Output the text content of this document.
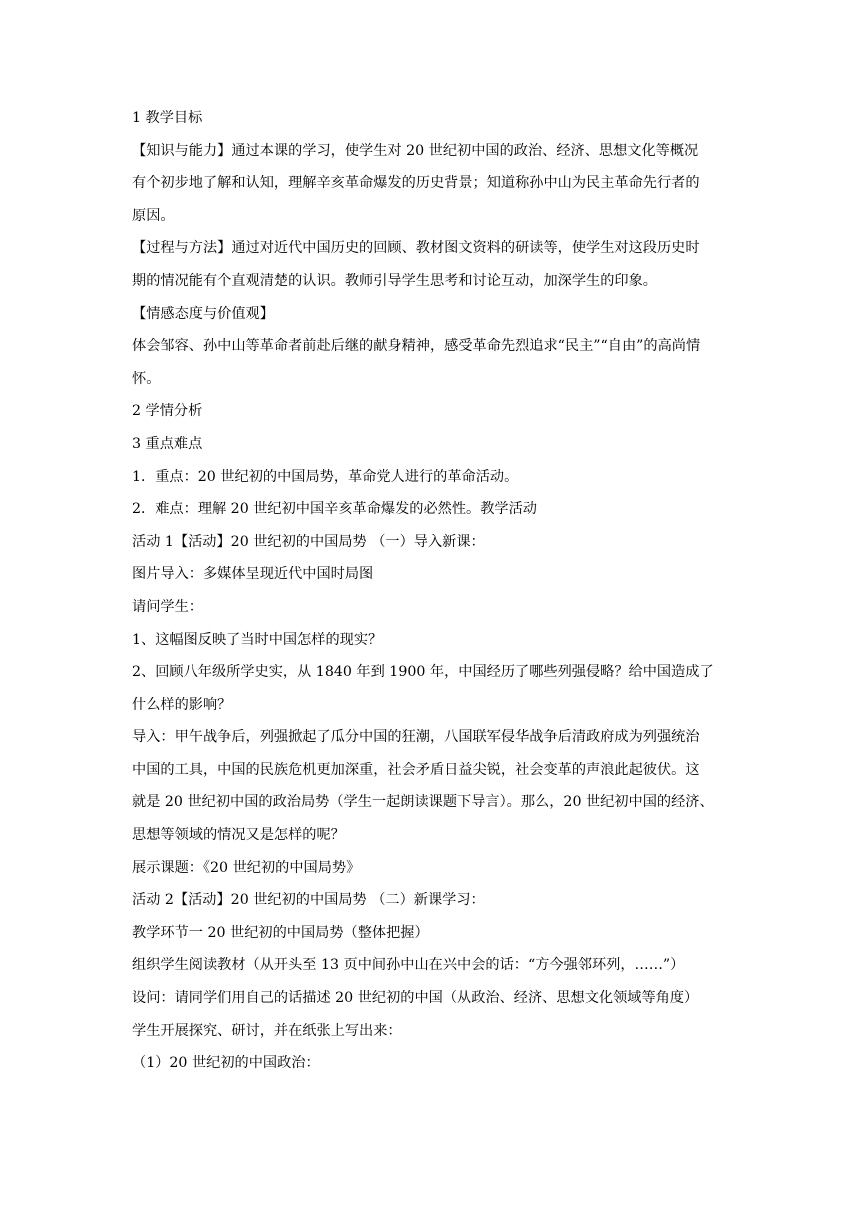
1 教学目标
【知识与能力】通过本课的学习，使学生对 20 世纪初中国的政治、经济、思想文化等概况
有个初步地了解和认知，理解辛亥革命爆发的历史背景；知道称孙中山为民主革命先行者的
原因。
【过程与方法】通过对近代中国历史的回顾、教材图文资料的研读等，使学生对这段历史时
期的情况能有个直观清楚的认识。教师引导学生思考和讨论互动，加深学生的印象。
【情感态度与价值观】
体会邹容、孙中山等革命者前赴后继的献身精神，感受革命先烈追求“民主”“自由”的高尚情
怀。
2 学情分析
3 重点难点
1．重点：20 世纪初的中国局势，革命党人进行的革命活动。
2．难点：理解 20 世纪初中国辛亥革命爆发的必然性。教学活动
活动 1【活动】20 世纪初的中国局势 （一）导入新课：
图片导入：多媒体呈现近代中国时局图
请问学生：
1、这幅图反映了当时中国怎样的现实？
2、回顾八年级所学史实，从 1840 年到 1900 年，中国经历了哪些列强侵略？给中国造成了
什么样的影响？
导入：甲午战争后，列强掀起了瓜分中国的狂潮，八国联军侵华战争后清政府成为列强统治
中国的工具，中国的民族危机更加深重，社会矛盾日益尖锐，社会变革的声浪此起彼伏。这
就是 20 世纪初中国的政治局势（学生一起朗读课题下导言）。那么，20 世纪初中国的经济、
思想等领域的情况又是怎样的呢？
展示课题：《20 世纪初的中国局势》
活动 2【活动】20 世纪初的中国局势 （二）新课学习：
教学环节一 20 世纪初的中国局势（整体把握）
组织学生阅读教材（从开头至 13 页中间孙中山在兴中会的话：“方今强邻环列，……”）
设问：请同学们用自己的话描述 20 世纪初的中国（从政治、经济、思想文化领域等角度）
学生开展探究、研讨，并在纸张上写出来：
（1）20 世纪初的中国政治：
